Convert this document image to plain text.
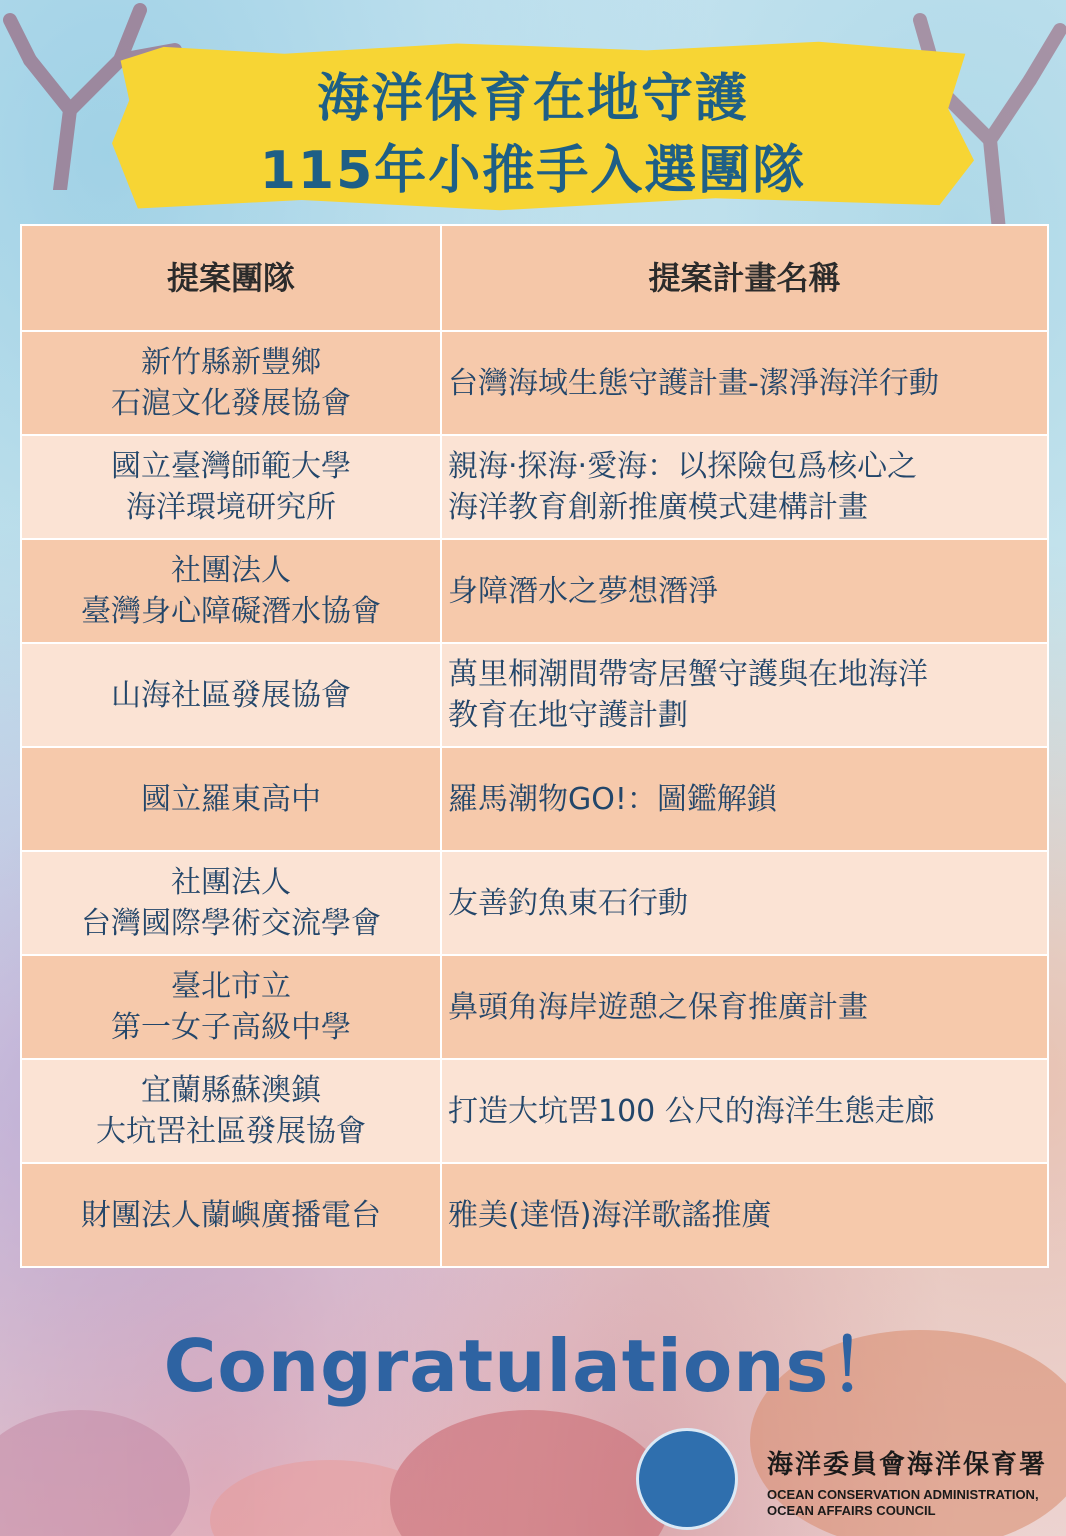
海洋保育在地守護
115年小推手入選團隊
提案團隊	提案計畫名稱

新竹縣新豐鄉
石滬文化發展協會	台灣海域生態守護計畫-潔淨海洋行動

國立臺灣師範大學
海洋環境研究所	親海‧探海‧愛海：以探險包爲核心之
海洋教育創新推廣模式建構計畫

社團法人
臺灣身心障礙潛水協會	身障潛水之夢想潛淨

山海社區發展協會	萬里桐潮間帶寄居蟹守護與在地海洋
教育在地守護計劃

國立羅東高中	羅馬潮物GO!：圖鑑解鎖

社團法人
台灣國際學術交流學會	友善釣魚東石行動

臺北市立
第一女子高級中學	鼻頭角海岸遊憩之保育推廣計畫

宜蘭縣蘇澳鎮
大坑罟社區發展協會	打造大坑罟100 公尺的海洋生態走廊

財團法人蘭嶼廣播電台	雅美(達悟)海洋歌謠推廣
Congratulations！
海洋委員會海洋保育署
OCEAN CONSERVATION ADMINISTRATION,
OCEAN AFFAIRS COUNCIL
